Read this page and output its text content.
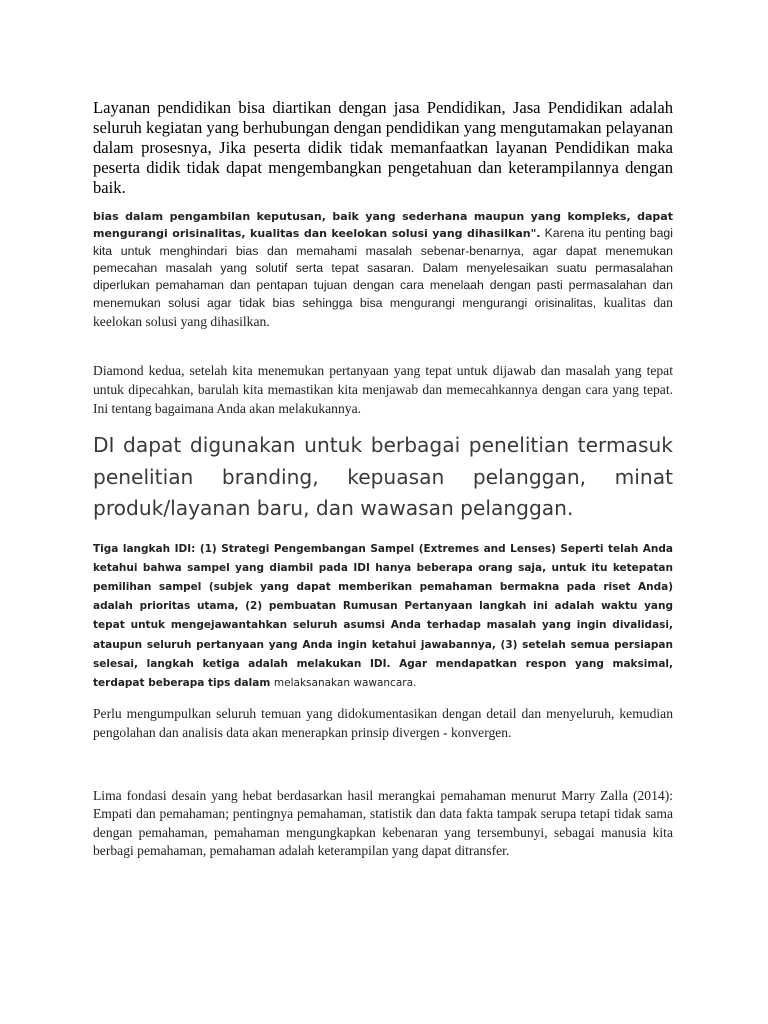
Layanan pendidikan bisa diartikan dengan jasa Pendidikan, Jasa Pendidikan adalah seluruh kegiatan yang berhubungan dengan pendidikan yang mengutamakan pelayanan dalam prosesnya, Jika peserta didik tidak memanfaatkan layanan Pendidikan maka peserta didik tidak dapat mengembangkan pengetahuan dan keterampilannya dengan baik.

bias dalam pengambilan keputusan, baik yang sederhana maupun yang kompleks, dapat mengurangi orisinalitas, kualitas dan keelokan solusi yang dihasilkan". Karena itu penting bagi kita untuk menghindari bias dan memahami masalah sebenar-benarnya, agar dapat menemukan pemecahan masalah yang solutif serta tepat sasaran. Dalam menyelesaikan suatu permasalahan diperlukan pemahaman dan pentapan tujuan dengan cara menelaah dengan pasti permasalahan dan menemukan solusi agar tidak bias sehingga bisa mengurangi mengurangi orisinalitas, kualitas dan keelokan solusi yang dihasilkan.

Diamond kedua, setelah kita menemukan pertanyaan yang tepat untuk dijawab dan masalah yang tepat untuk dipecahkan, barulah kita memastikan kita menjawab dan memecahkannya dengan cara yang tepat. Ini tentang bagaimana Anda akan melakukannya.

DI dapat digunakan untuk berbagai penelitian termasuk penelitian branding, kepuasan pelanggan, minat produk/layanan baru, dan wawasan pelanggan.

Tiga langkah IDI: (1) Strategi Pengembangan Sampel (Extremes and Lenses) Seperti telah Anda ketahui bahwa sampel yang diambil pada IDI hanya beberapa orang saja, untuk itu ketepatan pemilihan sampel (subjek yang dapat memberikan pemahaman bermakna pada riset Anda) adalah prioritas utama, (2) pembuatan Rumusan Pertanyaan langkah ini adalah waktu yang tepat untuk mengejawantahkan seluruh asumsi Anda terhadap masalah yang ingin divalidasi, ataupun seluruh pertanyaan yang Anda ingin ketahui jawabannya, (3) setelah semua persiapan selesai, langkah ketiga adalah melakukan IDI. Agar mendapatkan respon yang maksimal, terdapat beberapa tips dalam melaksanakan wawancara.

Perlu mengumpulkan seluruh temuan yang didokumentasikan dengan detail dan menyeluruh, kemudian pengolahan dan analisis data akan menerapkan prinsip divergen - konvergen.

Lima fondasi desain yang hebat berdasarkan hasil merangkai pemahaman menurut Marry Zalla (2014): Empati dan pemahaman; pentingnya pemahaman, statistik dan data fakta tampak serupa tetapi tidak sama dengan pemahaman, pemahaman mengungkapkan kebenaran yang tersembunyi, sebagai manusia kita berbagi pemahaman, pemahaman adalah keterampilan yang dapat ditransfer.
